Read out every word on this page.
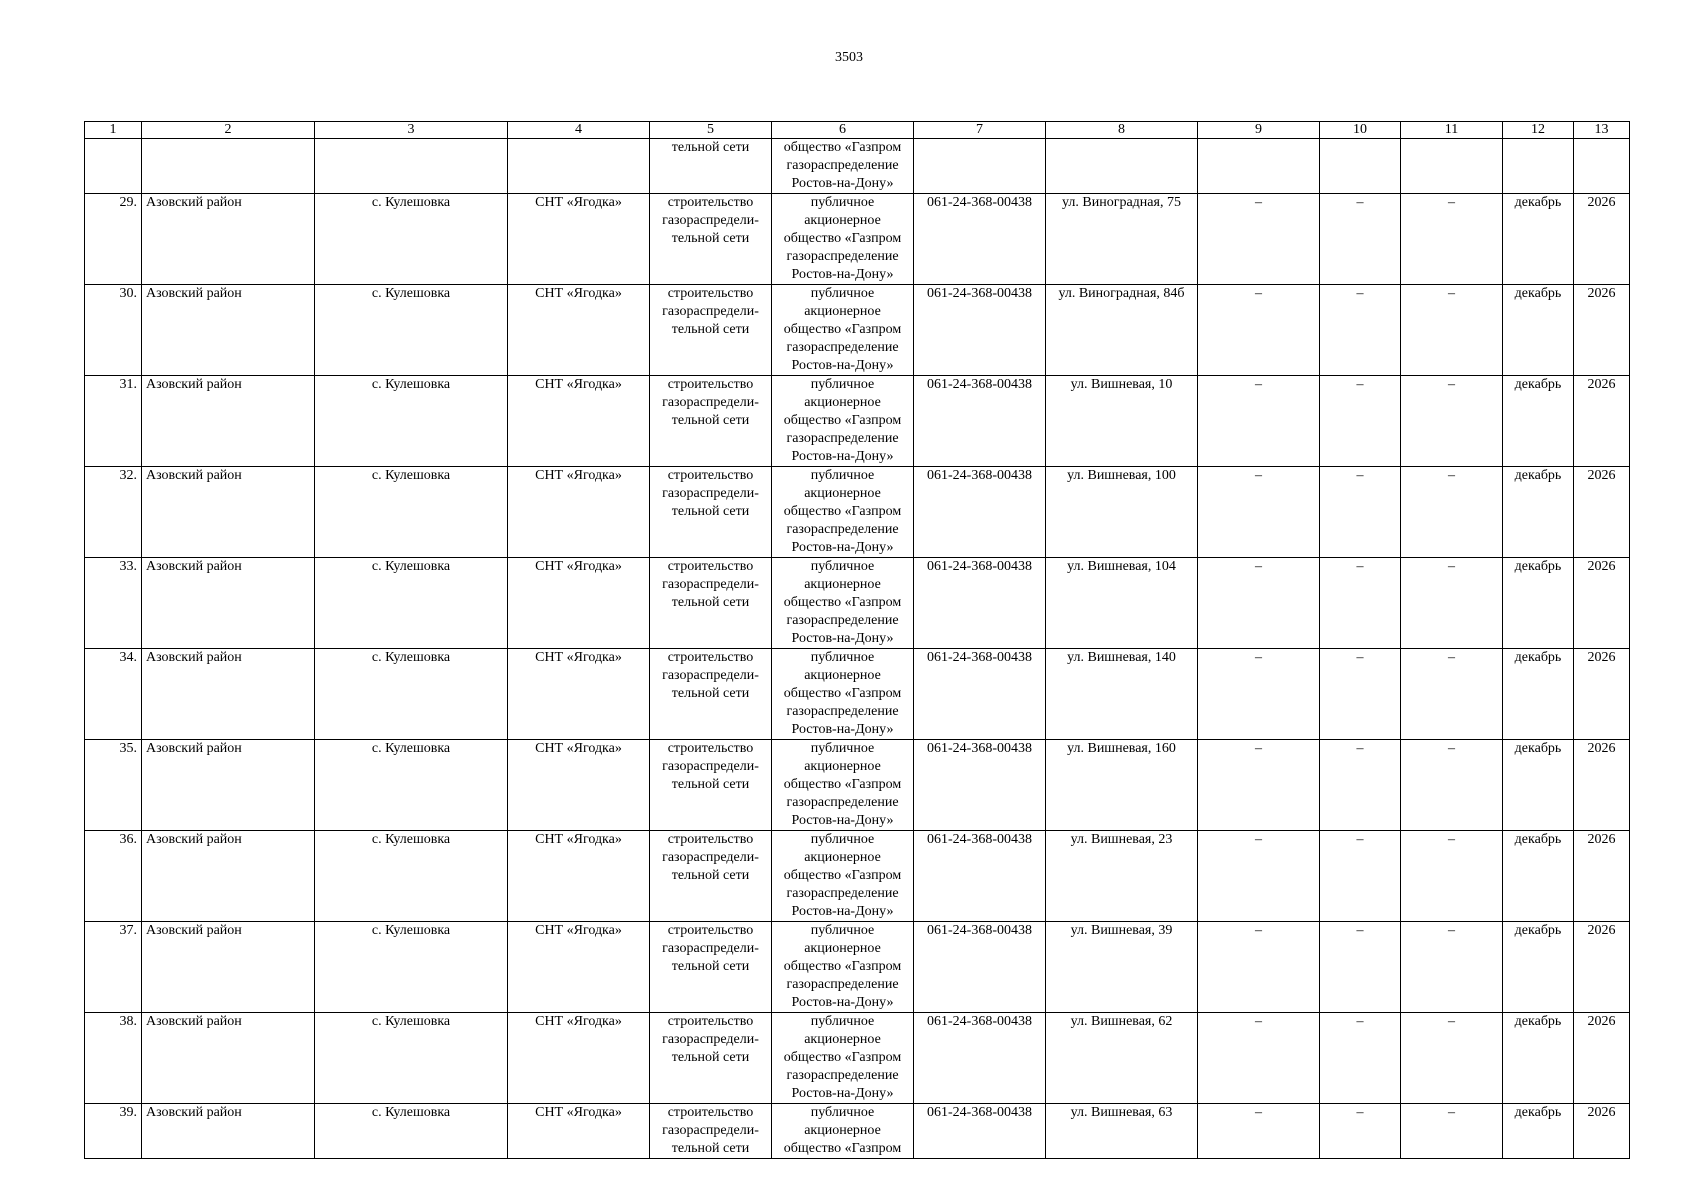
3503
1	2	3	4	5	6	7	8	9	10	11	12	13
				тельной сети	общество «Газпром
газораспределение
Ростов-на-Дону»							
29.	Азовский район	с. Кулешовка	СНТ «Ягодка»	строительство
газораспредели-
тельной сети	публичное
акционерное
общество «Газпром
газораспределение
Ростов-на-Дону»	061-24-368-00438	ул. Виноградная, 75	–	–	–	декабрь	2026
30.	Азовский район	с. Кулешовка	СНТ «Ягодка»	строительство
газораспредели-
тельной сети	публичное
акционерное
общество «Газпром
газораспределение
Ростов-на-Дону»	061-24-368-00438	ул. Виноградная, 84б	–	–	–	декабрь	2026
31.	Азовский район	с. Кулешовка	СНТ «Ягодка»	строительство
газораспредели-
тельной сети	публичное
акционерное
общество «Газпром
газораспределение
Ростов-на-Дону»	061-24-368-00438	ул. Вишневая, 10	–	–	–	декабрь	2026
32.	Азовский район	с. Кулешовка	СНТ «Ягодка»	строительство
газораспредели-
тельной сети	публичное
акционерное
общество «Газпром
газораспределение
Ростов-на-Дону»	061-24-368-00438	ул. Вишневая, 100	–	–	–	декабрь	2026
33.	Азовский район	с. Кулешовка	СНТ «Ягодка»	строительство
газораспредели-
тельной сети	публичное
акционерное
общество «Газпром
газораспределение
Ростов-на-Дону»	061-24-368-00438	ул. Вишневая, 104	–	–	–	декабрь	2026
34.	Азовский район	с. Кулешовка	СНТ «Ягодка»	строительство
газораспредели-
тельной сети	публичное
акционерное
общество «Газпром
газораспределение
Ростов-на-Дону»	061-24-368-00438	ул. Вишневая, 140	–	–	–	декабрь	2026
35.	Азовский район	с. Кулешовка	СНТ «Ягодка»	строительство
газораспредели-
тельной сети	публичное
акционерное
общество «Газпром
газораспределение
Ростов-на-Дону»	061-24-368-00438	ул. Вишневая, 160	–	–	–	декабрь	2026
36.	Азовский район	с. Кулешовка	СНТ «Ягодка»	строительство
газораспредели-
тельной сети	публичное
акционерное
общество «Газпром
газораспределение
Ростов-на-Дону»	061-24-368-00438	ул. Вишневая, 23	–	–	–	декабрь	2026
37.	Азовский район	с. Кулешовка	СНТ «Ягодка»	строительство
газораспредели-
тельной сети	публичное
акционерное
общество «Газпром
газораспределение
Ростов-на-Дону»	061-24-368-00438	ул. Вишневая, 39	–	–	–	декабрь	2026
38.	Азовский район	с. Кулешовка	СНТ «Ягодка»	строительство
газораспредели-
тельной сети	публичное
акционерное
общество «Газпром
газораспределение
Ростов-на-Дону»	061-24-368-00438	ул. Вишневая, 62	–	–	–	декабрь	2026
39.	Азовский район	с. Кулешовка	СНТ «Ягодка»	строительство
газораспредели-
тельной сети	публичное
акционерное
общество «Газпром	061-24-368-00438	ул. Вишневая, 63	–	–	–	декабрь	2026
